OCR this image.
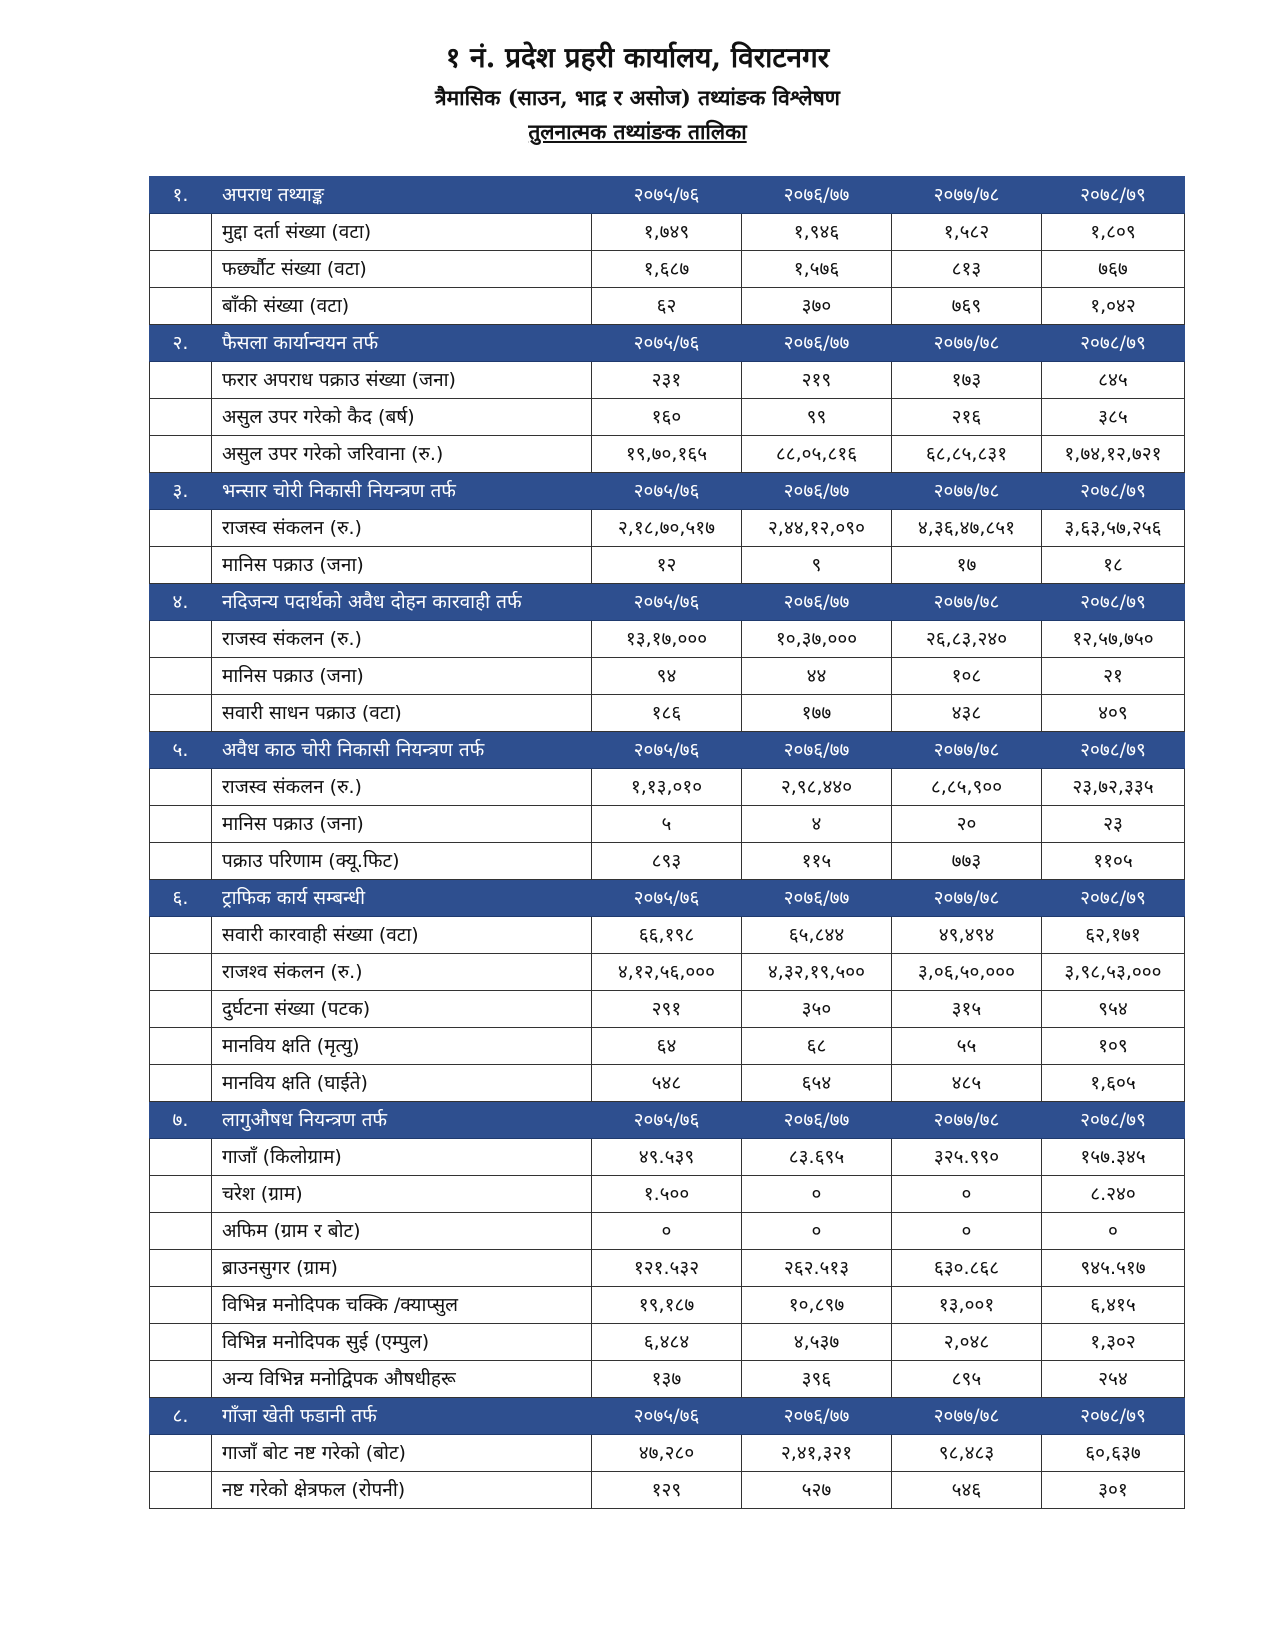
१ नं. प्रदेश प्रहरी कार्यालय, विराटनगर
त्रैमासिक (साउन, भाद्र र असोज) तथ्यांङक विश्लेषण
तुलनात्मक तथ्यांङक तालिका
१.	अपराध तथ्याङ्क	२०७५/७६	२०७६/७७	२०७७/७८	२०७८/७९
	मुद्दा दर्ता संख्या (वटा)	१,७४९	१,९४६	१,५८२	१,८०९
	फर्छ्यौट संख्या (वटा)	१,६८७	१,५७६	८१३	७६७
	बाँकी संख्या (वटा)	६२	३७०	७६९	१,०४२
२.	फैसला कार्यान्वयन तर्फ	२०७५/७६	२०७६/७७	२०७७/७८	२०७८/७९
	फरार अपराध पक्राउ संख्या (जना)	२३१	२१९	१७३	८४५
	असुल उपर गरेको कैद (बर्ष)	१६०	९९	२१६	३८५
	असुल उपर गरेको जरिवाना (रु.)	१९,७०,१६५	८८,०५,८१६	६८,८५,८३१	१,७४,१२,७२१
३.	भन्सार चोरी निकासी नियन्त्रण तर्फ	२०७५/७६	२०७६/७७	२०७७/७८	२०७८/७९
	राजस्व संकलन (रु.)	२,१८,७०,५१७	२,४४,१२,०९०	४,३६,४७,८५१	३,६३,५७,२५६
	मानिस पक्राउ (जना)	१२	९	१७	१८
४.	नदिजन्य पदार्थको अवैध दोहन कारवाही तर्फ	२०७५/७६	२०७६/७७	२०७७/७८	२०७८/७९
	राजस्व संकलन (रु.)	१३,१७,०००	१०,३७,०००	२६,८३,२४०	१२,५७,७५०
	मानिस पक्राउ (जना)	९४	४४	१०८	२१
	सवारी साधन पक्राउ (वटा)	१८६	१७७	४३८	४०९
५.	अवैध काठ चोरी निकासी नियन्त्रण तर्फ	२०७५/७६	२०७६/७७	२०७७/७८	२०७८/७९
	राजस्व संकलन (रु.)	१,१३,०१०	२,९८,४४०	८,८५,९००	२३,७२,३३५
	मानिस पक्राउ (जना)	५	४	२०	२३
	पक्राउ परिणाम (क्यू.फिट)	८९३	११५	७७३	११०५
६.	ट्राफिक कार्य सम्बन्धी	२०७५/७६	२०७६/७७	२०७७/७८	२०७८/७९
	सवारी कारवाही संख्या (वटा)	६६,१९८	६५,८४४	४९,४९४	६२,१७१
	राजश्व संकलन (रु.)	४,१२,५६,०००	४,३२,१९,५००	३,०६,५०,०००	३,९८,५३,०००
	दुर्घटना संख्या (पटक)	२९१	३५०	३१५	९५४
	मानविय क्षति (मृत्यु)	६४	६८	५५	१०९
	मानविय क्षति (घाईते)	५४८	६५४	४८५	१,६०५
७.	लागुऔषध नियन्त्रण तर्फ	२०७५/७६	२०७६/७७	२०७७/७८	२०७८/७९
	गाजाँ (किलोग्राम)	४९.५३९	८३.६९५	३२५.९९०	१५७.३४५
	चरेश (ग्राम)	१.५००	०	०	८.२४०
	अफिम (ग्राम र बोट)	०	०	०	०
	ब्राउनसुगर (ग्राम)	१२१.५३२	२६२.५१३	६३०.८६८	९४५.५१७
	विभिन्न मनोदिपक चक्कि /क्याप्सुल	१९,१८७	१०,८९७	१३,००१	६,४१५
	विभिन्न मनोदिपक सुई (एम्पुल)	६,४८४	४,५३७	२,०४८	१,३०२
	अन्य विभिन्न मनोद्विपक औषधीहरू	१३७	३९६	८९५	२५४
८.	गाँजा खेती फडानी तर्फ	२०७५/७६	२०७६/७७	२०७७/७८	२०७८/७९
	गाजाँ बोट नष्ट गरेको (बोट)	४७,२८०	२,४१,३२१	९८,४८३	६०,६३७
	नष्ट गरेको क्षेत्रफल (रोपनी)	१२९	५२७	५४६	३०१
